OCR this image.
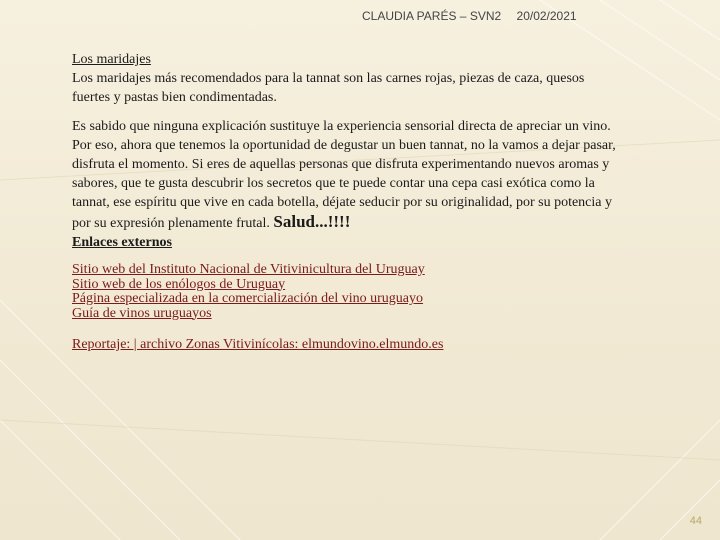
CLAUDIA PARÉS – SVN2 20/02/2021

Los maridajes

Los maridajes más recomendados para la tannat son las carnes rojas, piezas de caza, quesos fuertes y pastas bien condimentadas.

Es sabido que ninguna explicación sustituye la experiencia sensorial directa de apreciar un vino.

Por eso, ahora que tenemos la oportunidad de degustar un buen tannat, no la vamos a dejar pasar, disfruta el momento. Si eres de aquellas personas que disfruta experimentando nuevos aromas y sabores, que te gusta descubrir los secretos que te puede contar una cepa casi exótica como la tannat, ese espíritu que vive en cada botella, déjate seducir por su originalidad, por su potencia y por su expresión plenamente frutal. Salud...!!!!

Enlaces externos

Sitio web del Instituto Nacional de Vitivinicultura del Uruguay
Sitio web de los enólogos de Uruguay
Página especializada en la comercialización del vino uruguayo
Guía de vinos uruguayos
Reportaje: | archivo Zonas Vitivinícolas: elmundovino.elmundo.es
44
